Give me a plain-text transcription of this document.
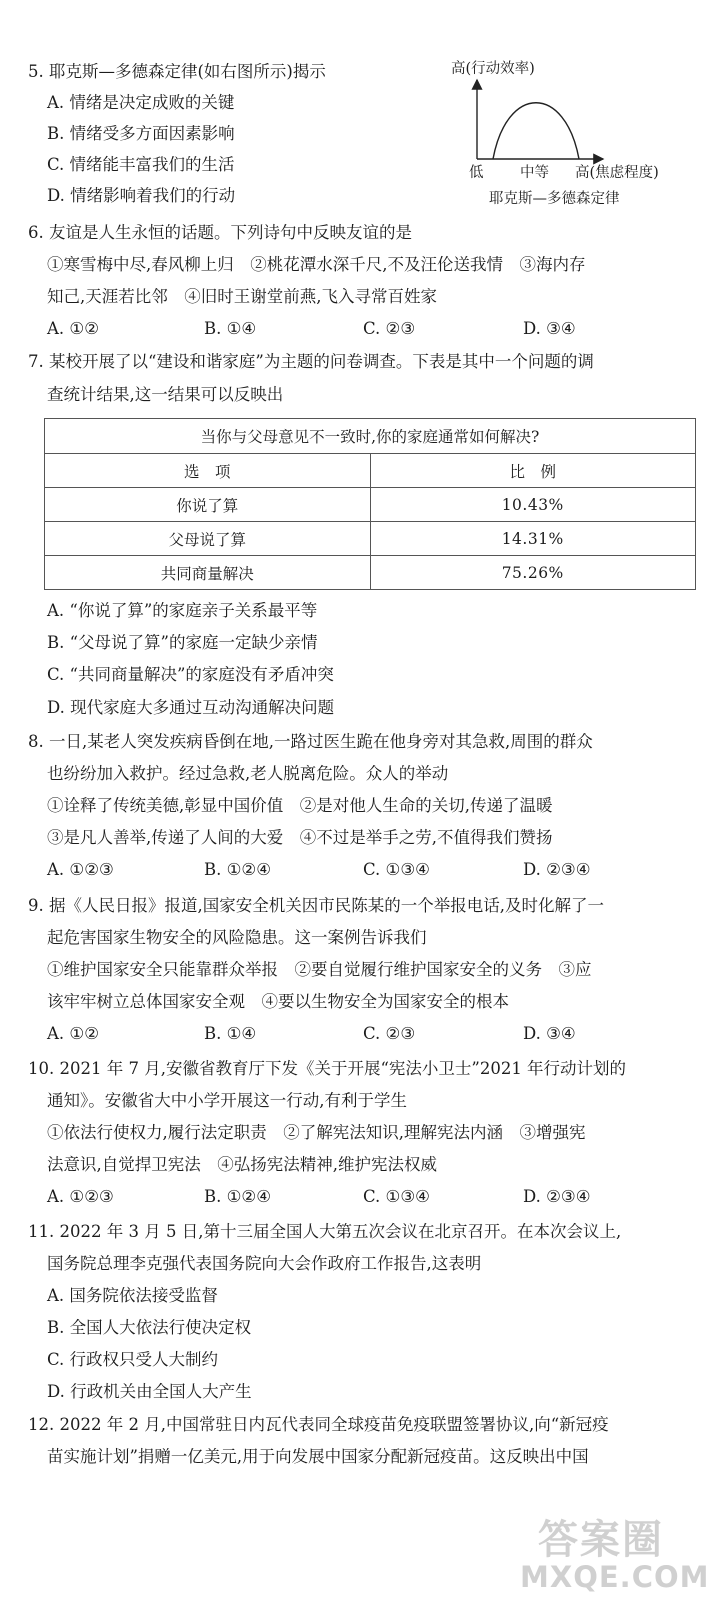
5. 耶克斯—多德森定律(如右图所示)揭示
A. 情绪是决定成败的关键
B. 情绪受多方面因素影响
C. 情绪能丰富我们的生活
D. 情绪影响着我们的行动
高(行动效率)
低	中等 高(焦虑程度)
耶克斯—多德森定律
6. 友谊是人生永恒的话题。下列诗句中反映友谊的是
①寒雪梅中尽,春风柳上归　②桃花潭水深千尺,不及汪伦送我情　③海内存
知己,天涯若比邻　④旧时王谢堂前燕,飞入寻常百姓家
A. ①②	B. ①④	C. ②③	D. ③④
7. 某校开展了以“建设和谐家庭”为主题的问卷调查。下表是其中一个问题的调
查统计结果,这一结果可以反映出
当你与父母意见不一致时,你的家庭通常如何解决?	
选　项	比　例
你说了算	10.43%
父母说了算	14.31%
共同商量解决	75.26%
A. “你说了算”的家庭亲子关系最平等
B. “父母说了算”的家庭一定缺少亲情
C. “共同商量解决”的家庭没有矛盾冲突
D. 现代家庭大多通过互动沟通解决问题
8. 一日,某老人突发疾病昏倒在地,一路过医生跪在他身旁对其急救,周围的群众
也纷纷加入救护。经过急救,老人脱离危险。众人的举动
①诠释了传统美德,彰显中国价值　②是对他人生命的关切,传递了温暖
③是凡人善举,传递了人间的大爱　④不过是举手之劳,不值得我们赞扬
A. ①②③	B. ①②④	C. ①③④	D. ②③④
9. 据《人民日报》报道,国家安全机关因市民陈某的一个举报电话,及时化解了一
起危害国家生物安全的风险隐患。这一案例告诉我们
①维护国家安全只能靠群众举报　②要自觉履行维护国家安全的义务　③应
该牢牢树立总体国家安全观　④要以生物安全为国家安全的根本
A. ①②	B. ①④	C. ②③	D. ③④
10. 2021 年 7 月,安徽省教育厅下发《关于开展“宪法小卫士”2021 年行动计划的
通知》。安徽省大中小学开展这一行动,有利于学生
①依法行使权力,履行法定职责　②了解宪法知识,理解宪法内涵　③增强宪
法意识,自觉捍卫宪法　④弘扬宪法精神,维护宪法权威
A. ①②③	B. ①②④	C. ①③④	D. ②③④
11. 2022 年 3 月 5 日,第十三届全国人大第五次会议在北京召开。在本次会议上,
国务院总理李克强代表国务院向大会作政府工作报告,这表明
A. 国务院依法接受监督
B. 全国人大依法行使决定权
C. 行政权只受人大制约
D. 行政机关由全国人大产生
12. 2022 年 2 月,中国常驻日内瓦代表同全球疫苗免疫联盟签署协议,向“新冠疫
苗实施计划”捐赠一亿美元,用于向发展中国家分配新冠疫苗。这反映出中国
答案圈
MXQE.COM
